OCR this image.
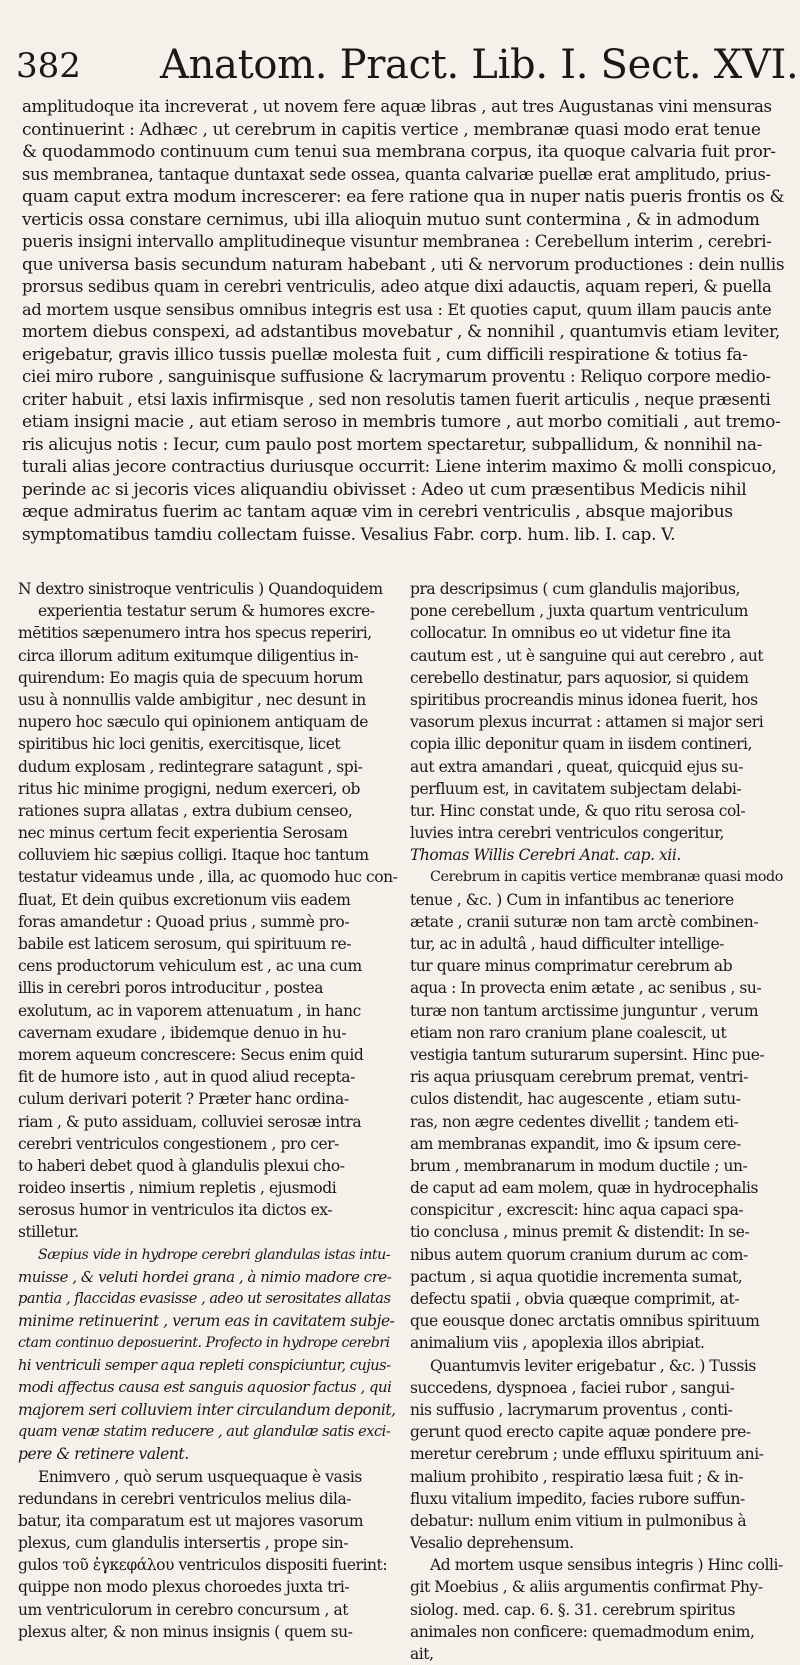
382 Anatom. Pract. Lib. I. Sect. XVI.
amplitudoque ita increverat , ut novem fere aquæ libras , aut tres Augustanas vini mensuras
continuerint : Adhæc , ut cerebrum in capitis vertice , membranæ quasi modo erat tenue
& quodammodo continuum cum tenui sua membrana corpus, ita quoque calvaria fuit pror-
sus membranea, tantaque duntaxat sede ossea, quanta calvariæ puellæ erat amplitudo, prius-
quam caput extra modum increscerer: ea fere ratione qua in nuper natis pueris frontis os &
verticis ossa constare cernimus, ubi illa alioquin mutuo sunt contermina , & in admodum
pueris insigni intervallo amplitudineque visuntur membranea : Cerebellum interim , cerebri-
que universa basis secundum naturam habebant , uti & nervorum productiones : dein nullis
prorsus sedibus quam in cerebri ventriculis, adeo atque dixi adauctis, aquam reperi, & puella
ad mortem usque sensibus omnibus integris est usa : Et quoties caput, quum illam paucis ante
mortem diebus conspexi, ad adstantibus movebatur , & nonnihil , quantumvis etiam leviter,
erigebatur, gravis illico tussis puellæ molesta fuit , cum difficili respiratione & totius fa-
ciei miro rubore , sanguinisque suffusione & lacrymarum proventu : Reliquo corpore medio-
criter habuit , etsi laxis infirmisque , sed non resolutis tamen fuerit articulis , neque præsenti
etiam insigni macie , aut etiam seroso in membris tumore , aut morbo comitiali , aut tremo-
ris alicujus notis : Iecur, cum paulo post mortem spectaretur, subpallidum, & nonnihil na-
turali alias jecore contractius duriusque occurrit: Liene interim maximo & molli conspicuo,
perinde ac si jecoris vices aliquandiu obivisset : Adeo ut cum præsentibus Medicis nihil
æque admiratus fuerim ac tantam aquæ vim in cerebri ventriculis , absque majoribus
symptomatibus tamdiu collectam fuisse. Vesalius Fabr. corp. hum. lib. I. cap. V.
N dextro sinistroque ventriculis ) Quandoquidem
experientia testatur serum & humores excre-
mētitios sæpenumero intra hos specus reperiri,
circa illorum aditum exitumque diligentius in-
quirendum: Eo magis quia de specuum horum
usu à nonnullis valde ambigitur , nec desunt in
nupero hoc sæculo qui opinionem antiquam de
spiritibus hic loci genitis, exercitisque, licet
dudum explosam , redintegrare satagunt , spi-
ritus hic minime progigni, nedum exerceri, ob
rationes supra allatas , extra dubium censeo,
nec minus certum fecit experientia Serosam
colluviem hic sæpius colligi. Itaque hoc tantum
testatur videamus unde , illa, ac quomodo huc con-
fluat, Et dein quibus excretionum viis eadem
foras amandetur : Quoad prius , summè pro-
babile est laticem serosum, qui spirituum re-
cens productorum vehiculum est , ac una cum
illis in cerebri poros introducitur , postea
exolutum, ac in vaporem attenuatum , in hanc
cavernam exudare , ibidemque denuo in hu-
morem aqueum concrescere: Secus enim quid
fit de humore isto , aut in quod aliud recepta-
culum derivari poterit ? Præter hanc ordina-
riam , & puto assiduam, colluviei serosæ intra
cerebri ventriculos congestionem , pro cer-
to haberi debet quod à glandulis plexui cho-
roideo insertis , nimium repletis , ejusmodi
serosus humor in ventriculos ita dictos ex-
stilletur.
Sæpius vide in hydrope cerebri glandulas istas intu-
muisse , & veluti hordei grana , à nimio madore cre-
pantia , flaccidas evasisse , adeo ut serositates allatas
minime retinuerint , verum eas in cavitatem subje-
ctam continuo deposuerint. Profecto in hydrope cerebri
hi ventriculi semper aqua repleti conspiciuntur, cujus-
modi affectus causa est sanguis aquosior factus , qui
majorem seri colluviem inter circulandum deponit,
quam venæ statim reducere , aut glandulæ satis exci-
pere & retinere valent.
Enimvero , quò serum usquequaque è vasis
redundans in cerebri ventriculos melius dila-
batur, ita comparatum est ut majores vasorum
plexus, cum glandulis intersertis , prope sin-
gulos τοῦ ἐγκεφάλου ventriculos dispositi fuerint:
quippe non modo plexus choroedes juxta tri-
um ventriculorum in cerebro concursum , at
plexus alter, & non minus insignis ( quem su-
pra descripsimus ( cum glandulis majoribus,
pone cerebellum , juxta quartum ventriculum
collocatur. In omnibus eo ut videtur fine ita
cautum est , ut è sanguine qui aut cerebro , aut
cerebello destinatur, pars aquosior, si quidem
spiritibus procreandis minus idonea fuerit, hos
vasorum plexus incurrat : attamen si major seri
copia illic deponitur quam in iisdem contineri,
aut extra amandari , queat, quicquid ejus su-
perfluum est, in cavitatem subjectam delabi-
tur. Hinc constat unde, & quo ritu serosa col-
luvies intra cerebri ventriculos congeritur,
Thomas Willis Cerebri Anat. cap. xii.
Cerebrum in capitis vertice membranæ quasi modo
tenue , &c. ) Cum in infantibus ac teneriore
ætate , cranii suturæ non tam arctè combinen-
tur, ac in adultâ , haud difficulter intellige-
tur quare minus comprimatur cerebrum ab
aqua : In provecta enim ætate , ac senibus , su-
turæ non tantum arctissime junguntur , verum
etiam non raro cranium plane coalescit, ut
vestigia tantum suturarum supersint. Hinc pue-
ris aqua priusquam cerebrum premat, ventri-
culos distendit, hac augescente , etiam sutu-
ras, non ægre cedentes divellit ; tandem eti-
am membranas expandit, imo & ipsum cere-
brum , membranarum in modum ductile ; un-
de caput ad eam molem, quæ in hydrocephalis
conspicitur , excrescit: hinc aqua capaci spa-
tio conclusa , minus premit & distendit: In se-
nibus autem quorum cranium durum ac com-
pactum , si aqua quotidie incrementa sumat,
defectu spatii , obvia quæque comprimit, at-
que eousque donec arctatis omnibus spirituum
animalium viis , apoplexia illos abripiat.
Quantumvis leviter erigebatur , &c. ) Tussis
succedens, dyspnoea , faciei rubor , sangui-
nis suffusio , lacrymarum proventus , conti-
gerunt quod erecto capite aquæ pondere pre-
meretur cerebrum ; unde effluxu spirituum ani-
malium prohibito , respiratio læsa fuit ; & in-
fluxu vitalium impedito, facies rubore suffun-
debatur: nullum enim vitium in pulmonibus à
Vesalio deprehensum.
Ad mortem usque sensibus integris ) Hinc colli-
git Moebius , & aliis argumentis confirmat Phy-
siolog. med. cap. 6. §. 31. cerebrum spiritus
animales non conficere: quemadmodum enim,
ait,
